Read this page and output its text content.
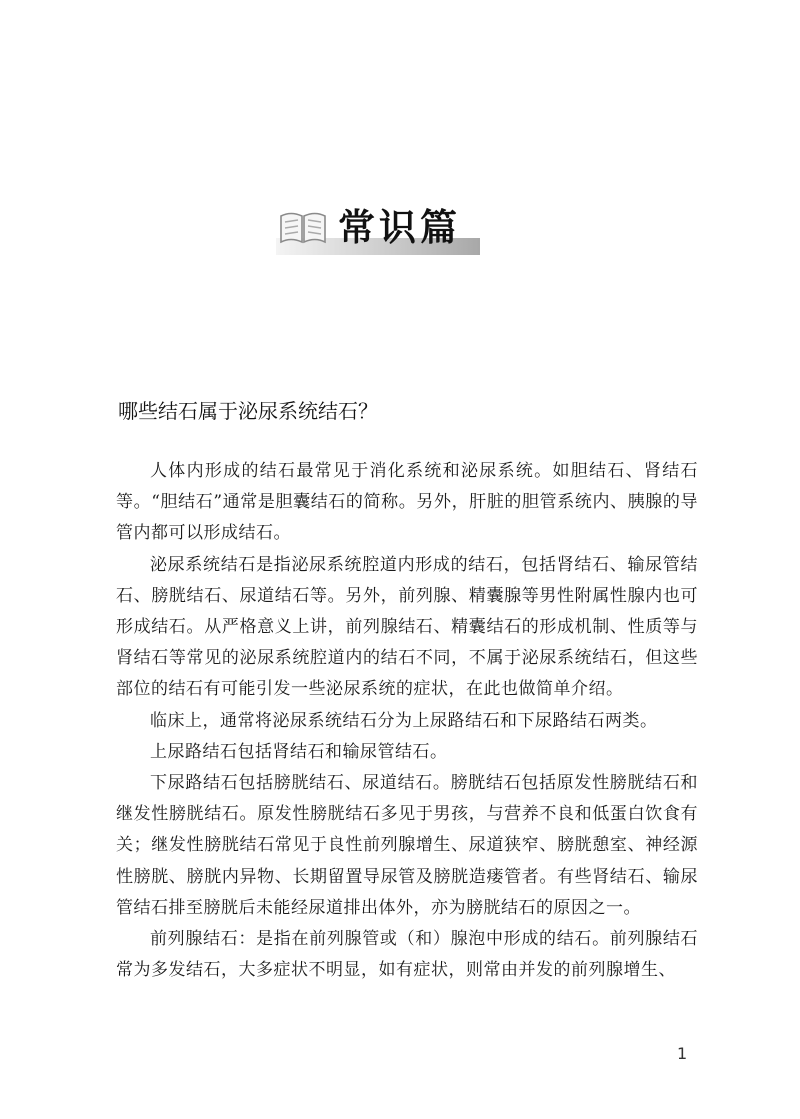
常识篇
哪些结石属于泌尿系统结石？

人体内形成的结石最常见于消化系统和泌尿系统。如胆结石、肾结石等。“胆结石”通常是胆囊结石的简称。另外，肝脏的胆管系统内、胰腺的导管内都可以形成结石。

泌尿系统结石是指泌尿系统腔道内形成的结石，包括肾结石、输尿管结石、膀胱结石、尿道结石等。另外，前列腺、精囊腺等男性附属性腺内也可形成结石。从严格意义上讲，前列腺结石、精囊结石的形成机制、性质等与肾结石等常见的泌尿系统腔道内的结石不同，不属于泌尿系统结石，但这些部位的结石有可能引发一些泌尿系统的症状，在此也做简单介绍。

临床上，通常将泌尿系统结石分为上尿路结石和下尿路结石两类。

上尿路结石包括肾结石和输尿管结石。

下尿路结石包括膀胱结石、尿道结石。膀胱结石包括原发性膀胱结石和继发性膀胱结石。原发性膀胱结石多见于男孩，与营养不良和低蛋白饮食有关；继发性膀胱结石常见于良性前列腺增生、尿道狭窄、膀胱憩室、神经源性膀胱、膀胱内异物、长期留置导尿管及膀胱造瘘管者。有些肾结石、输尿管结石排至膀胱后未能经尿道排出体外，亦为膀胱结石的原因之一。

前列腺结石：是指在前列腺管或（和）腺泡中形成的结石。前列腺结石常为多发结石，大多症状不明显，如有症状，则常由并发的前列腺增生、

1
